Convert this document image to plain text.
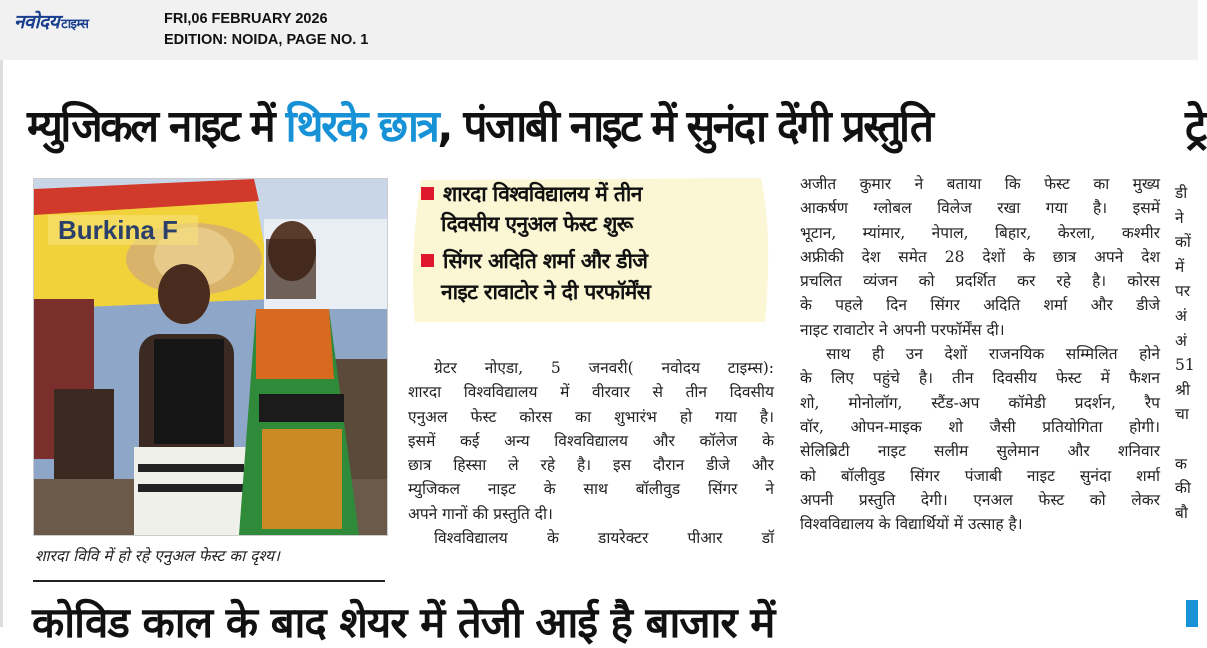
नवोदय टाइम्स	FRI,06 FEBRUARY 2026
EDITION: NOIDA, PAGE NO. 1
म्युजिकल नाइट में थिरके छात्र, पंजाबी नाइट में सुनंदा देंगी प्रस्तुति	ट्रे
Burkina F
शारदा विवि में हो रहे एनुअल फेस्ट का दृश्य।
शारदा विश्वविद्यालय में तीन
दिवसीय एनुअल फेस्ट शुरू
सिंगर अदिति शर्मा और डीजे
नाइट रावाटोर ने दी परफॉर्मेंस

ग्रेटर नोएडा, 5 जनवरी( नवोदय टाइम्स):

शारदा विश्वविद्यालय में वीरवार से तीन दिवसीय

एनुअल फेस्ट कोरस का शुभारंभ हो गया है।

इसमें कई अन्य विश्वविद्यालय और कॉलेज के

छात्र हिस्सा ले रहे है। इस दौरान डीजे और

म्युजिकल नाइट के साथ बॉलीवुड सिंगर ने

अपने गानों की प्रस्तुति दी।

विश्वविद्यालय के डायरेक्टर पीआर डॉ

अजीत कुमार ने बताया कि फेस्ट का मुख्य

आकर्षण ग्लोबल विलेज रखा गया है। इसमें

भूटान, म्यांमार, नेपाल, बिहार, केरला, कश्मीर

अफ्रीकी देश समेत 28 देशों के छात्र अपने देश

प्रचलित व्यंजन को प्रदर्शित कर रहे है। कोरस

के पहले दिन सिंगर अदिति शर्मा और डीजे

नाइट रावाटोर ने अपनी परफॉर्मेंस दी।

साथ ही उन देशों राजनयिक सम्मिलित होने

के लिए पहुंचे है। तीन दिवसीय फेस्ट में फैशन

शो, मोनोलॉग, स्टैंड-अप कॉमेडी प्रदर्शन, रैप

वॉर, ओपन-माइक शो जैसी प्रतियोगिता होगी।

सेलिब्रिटी नाइट सलीम सुलेमान और शनिवार

को बॉलीवुड सिंगर पंजाबी नाइट सुनंदा शर्मा

अपनी प्रस्तुति देगी। एनअल फेस्ट को लेकर

विश्वविद्यालय के विद्यार्थियों में उत्साह है।

डी
ने
कों
में
पर
अं
अं
51
श्री
चा
क
की
बौ
कोविड काल के बाद शेयर में तेजी आई है बाजार में
